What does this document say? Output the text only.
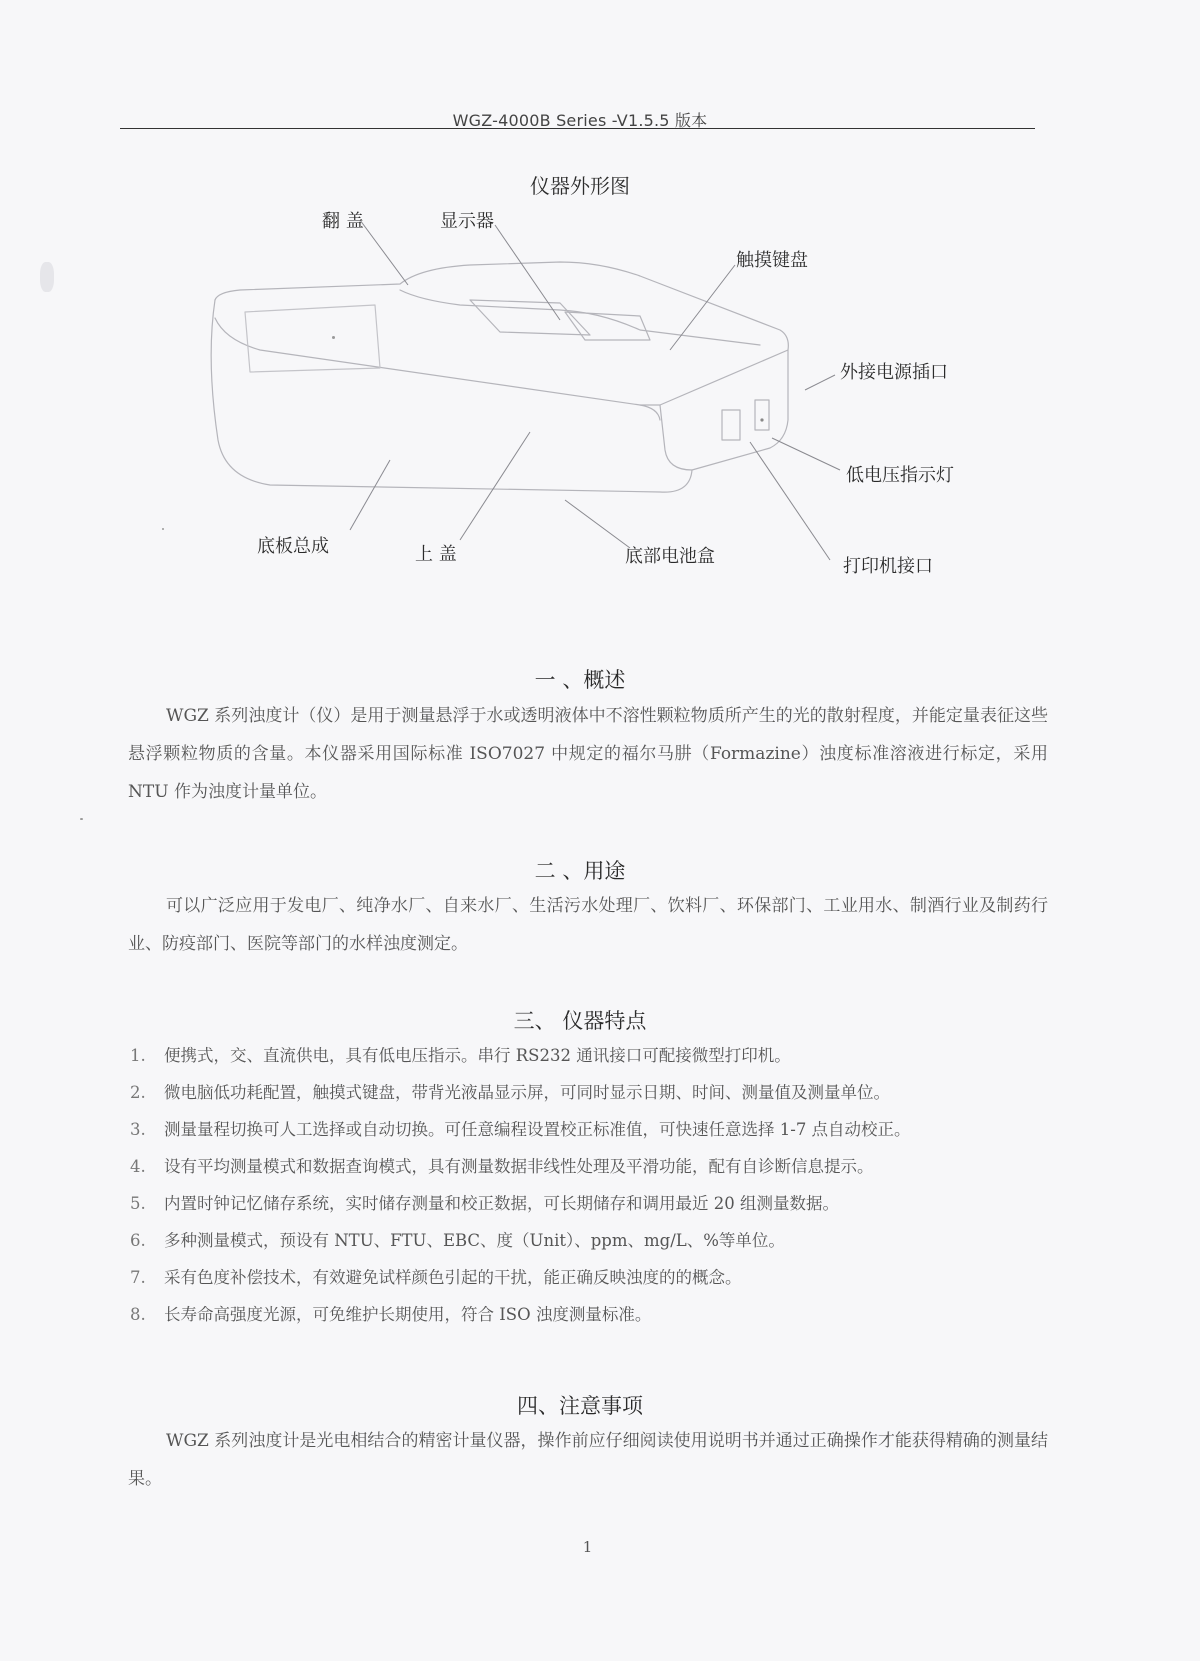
WGZ-4000B Series -V1.5.5 版本
仪器外形图
翻 盖	显示器
触摸键盘
外接电源插口
低电压指示灯
打印机接口
底板总成	上 盖	底部电池盒
一 、概述
WGZ 系列浊度计（仪）是用于测量悬浮于水或透明液体中不溶性颗粒物质所产生的光的散射程度，并能定量表征这些悬浮颗粒物质的含量。本仪器采用国际标准 ISO7027 中规定的福尔马肼（Formazine）浊度标准溶液进行标定，采用 NTU 作为浊度计量单位。
二 、用途
可以广泛应用于发电厂、纯净水厂、自来水厂、生活污水处理厂、饮料厂、环保部门、工业用水、制酒行业及制药行业、防疫部门、医院等部门的水样浊度测定。
三、 仪器特点
1. 便携式，交、直流供电，具有低电压指示。串行 RS232 通讯接口可配接微型打印机。
2. 微电脑低功耗配置，触摸式键盘，带背光液晶显示屏，可同时显示日期、时间、测量值及测量单位。
3. 测量量程切换可人工选择或自动切换。可任意编程设置校正标准值，可快速任意选择 1-7 点自动校正。
4. 设有平均测量模式和数据查询模式，具有测量数据非线性处理及平滑功能，配有自诊断信息提示。
5. 内置时钟记忆储存系统，实时储存测量和校正数据，可长期储存和调用最近 20 组测量数据。
6. 多种测量模式，预设有 NTU、FTU、EBC、度（Unit）、ppm、mg/L、%等单位。
7. 采有色度补偿技术，有效避免试样颜色引起的干扰，能正确反映浊度的的概念。
8. 长寿命高强度光源，可免维护长期使用，符合 ISO 浊度测量标准。
四、注意事项
WGZ 系列浊度计是光电相结合的精密计量仪器，操作前应仔细阅读使用说明书并通过正确操作才能获得精确的测量结果。
1
